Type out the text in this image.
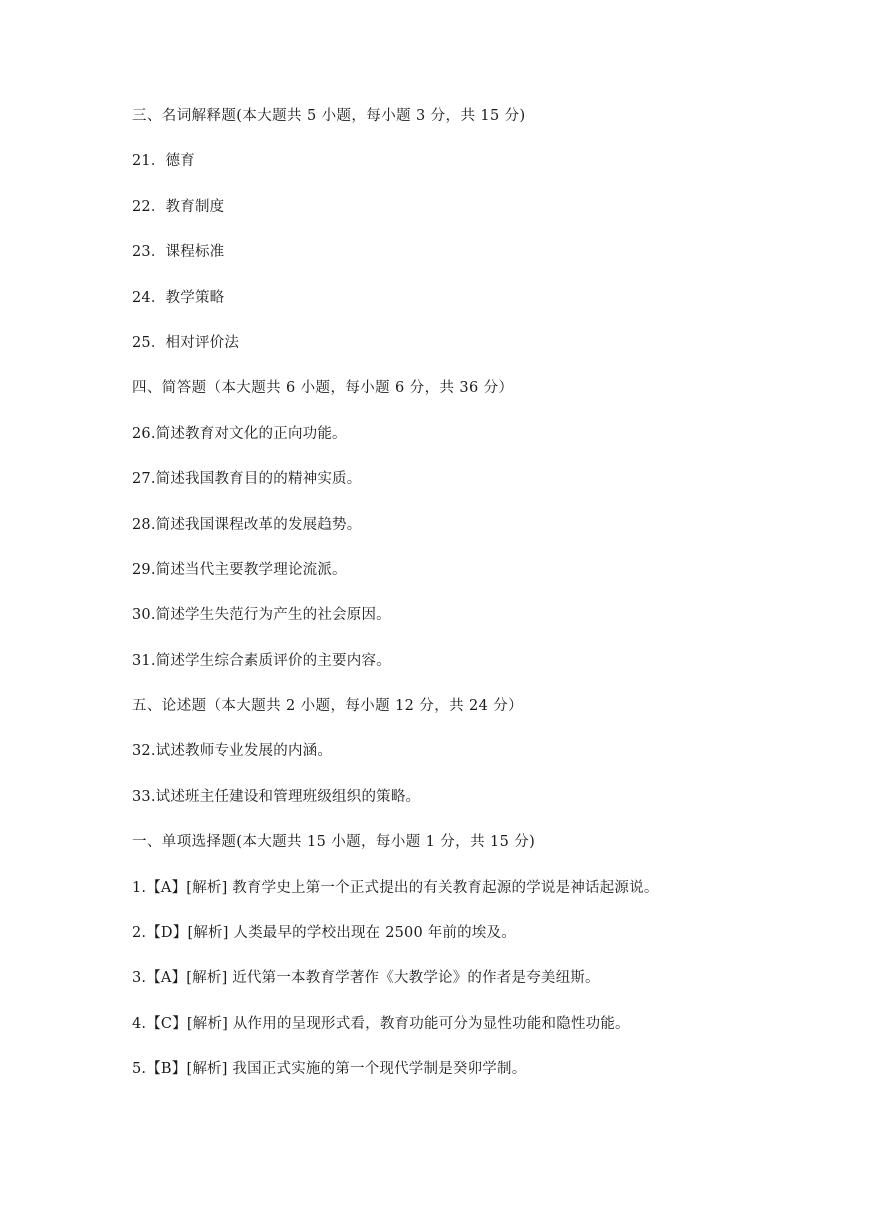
三、名词解释题(本大题共 5 小题，每小题 3 分，共 15 分)
21．德育
22．教育制度
23．课程标准
24．教学策略
25．相对评价法
四、简答题（本大题共 6 小题，每小题 6 分，共 36 分）
26.简述教育对文化的正向功能。
27.简述我国教育目的的精神实质。
28.简述我国课程改革的发展趋势。
29.简述当代主要教学理论流派。
30.简述学生失范行为产生的社会原因。
31.简述学生综合素质评价的主要内容。
五、论述题（本大题共 2 小题，每小题 12 分，共 24 分）
32.试述教师专业发展的内涵。
33.试述班主任建设和管理班级组织的策略。
一、单项选择题(本大题共 15 小题，每小题 1 分，共 15 分)
1.【A】[解析] 教育学史上第一个正式提出的有关教育起源的学说是神话起源说。
2.【D】[解析] 人类最早的学校出现在 2500 年前的埃及。
3.【A】[解析] 近代第一本教育学著作《大教学论》的作者是夸美纽斯。
4.【C】[解析] 从作用的呈现形式看，教育功能可分为显性功能和隐性功能。
5.【B】[解析] 我国正式实施的第一个现代学制是癸卯学制。
